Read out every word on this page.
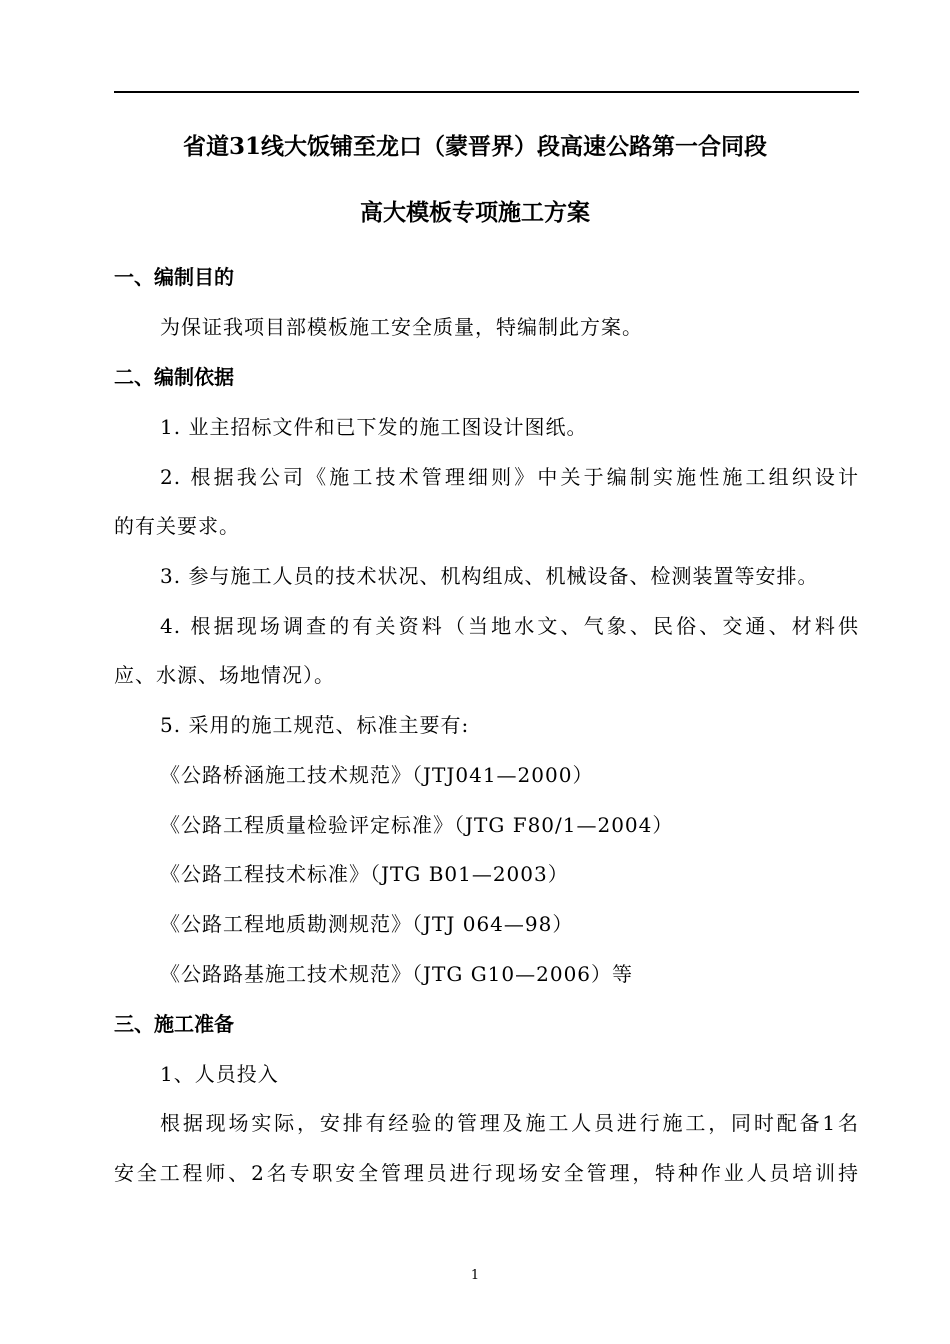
省道31线大饭铺至龙口（蒙晋界）段高速公路第一合同段
高大模板专项施工方案
一、编制目的
为保证我项目部模板施工安全质量，特编制此方案。
二、编制依据
1. 业主招标文件和已下发的施工图设计图纸。
2. 根据我公司《施工技术管理细则》中关于编制实施性施工组织设计
的有关要求。
3. 参与施工人员的技术状况、机构组成、机械设备、检测装置等安排。
4. 根据现场调查的有关资料（当地水文、气象、民俗、交通、材料供
应、水源、场地情况）。
5. 采用的施工规范、标准主要有:
《公路桥涵施工技术规范》（JTJ041—2000）
《公路工程质量检验评定标准》（JTG F80/1—2004）
《公路工程技术标准》（JTG B01—2003）
《公路工程地质勘测规范》（JTJ 064—98）
《公路路基施工技术规范》（JTG G10—2006）等
三、施工准备
1、人员投入
根据现场实际，安排有经验的管理及施工人员进行施工，同时配备1名
安全工程师、2名专职安全管理员进行现场安全管理，特种作业人员培训持
1
